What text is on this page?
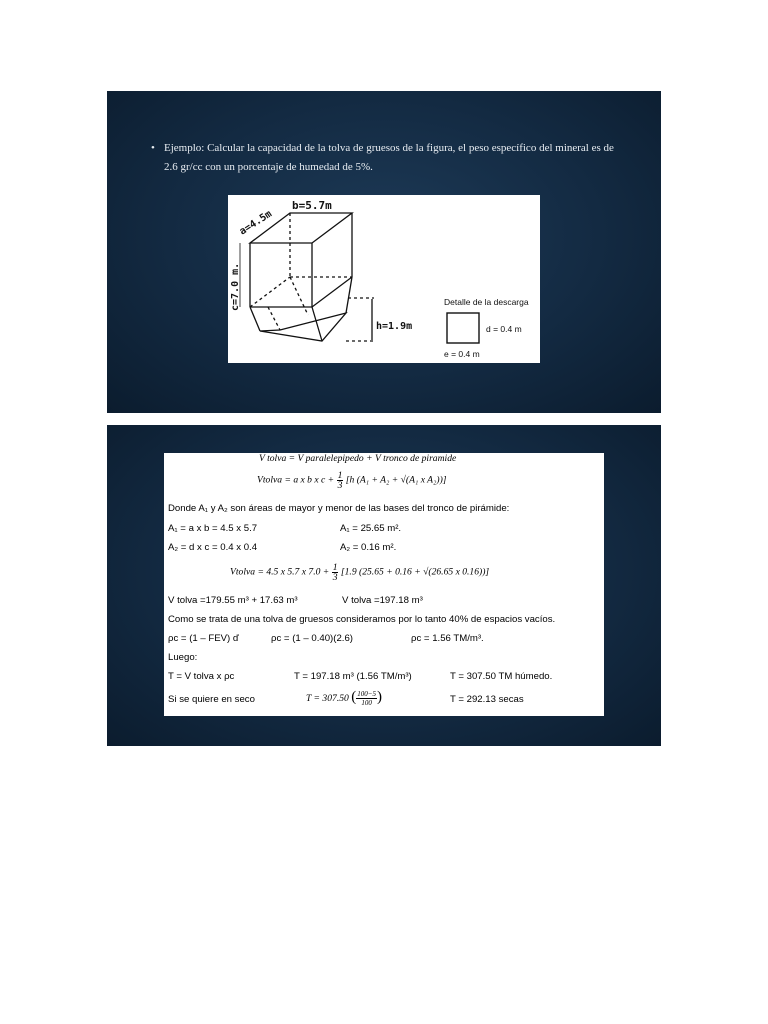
• Ejemplo: Calcular la capacidad de la tolva de gruesos de la figura, el peso específico del mineral es de 2.6 gr/cc con un porcentaje de humedad de 5%.
a=4.5m
b=5.7m
c=7.0 m.
h=1.9m
Detalle de la descarga
d = 0.4 m
e = 0.4 m
V tolva = V paralelepipedo + V tronco de piramide
Vtolva = a x b x $c + \frac{1}{3} [h$ (A₁ + A₂ + √(A₁ x A₂))]
Donde A₁ y A₂ son áreas de mayor y menor de las bases del tronco de pirámide:
A₁ = a x b = 4.5 x 5.7	A₁ = 25.65 m².
A₂ = d x c = 0.4 x 0.4	A₂ = 0.16 m².
Vtolva = 4.5 x 5.7 x $7.0 + \frac{1}{3} [1.9$ (25.65 + 0.16 + √(26.65 x 0.16))]
V tolva =179.55 m³ + 17.63 m³	V tolva =197.18 m³
Como se trata de una tolva de gruesos consideramos por lo tanto 40% de espacios vacíos.
ρc = (1 – FEV) ď	ρc = (1 – 0.40)(2.6)	ρc = 1.56 TM/m³.
Luego:
T = V tolva x ρc	T = 197.18 m³ (1.56 TM/m³)	T = 307.50 TM húmedo.
Si se quiere en seco	T = 307.50 ( $\frac{100-5}{100}$ )	T = 292.13 secas
